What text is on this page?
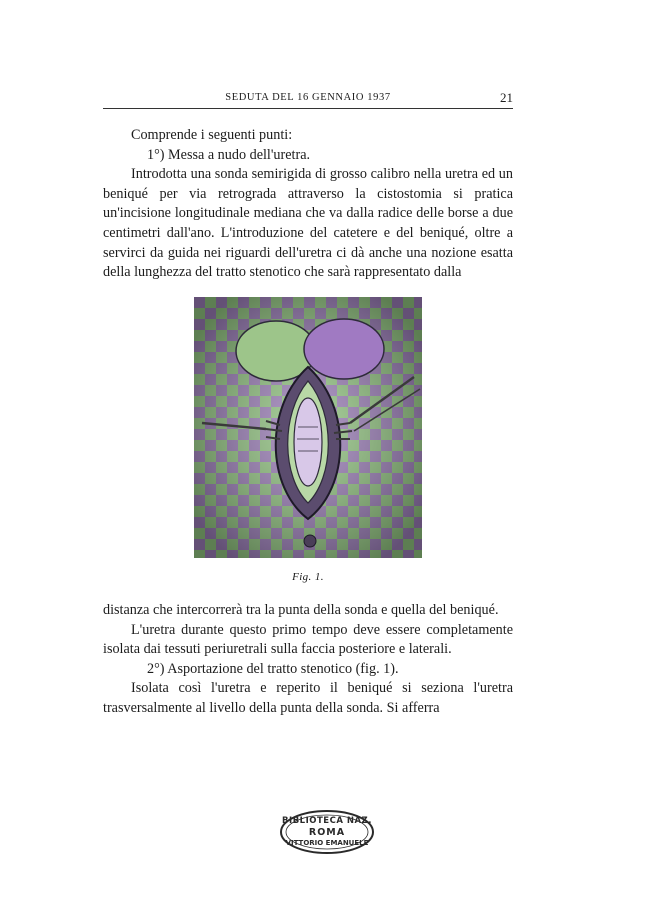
SEDUTA DEL 16 GENNAIO 1937	21

Comprende i seguenti punti:

1°) Messa a nudo dell'uretra.

Introdotta una sonda semirigida di grosso calibro nella uretra ed un beniqué per via retrograda attraverso la cistostomia si pratica un'incisione longitudinale mediana che va dalla radice delle borse a due centimetri dall'ano. L'introduzione del catetere e del beniqué, oltre a servirci da guida nei riguardi dell'uretra ci dà anche una nozione esatta della lunghezza del tratto stenotico che sarà rappresentato dalla

Fig. 1.

distanza che intercorrerà tra la punta della sonda e quella del beniqué.

L'uretra durante questo primo tempo deve essere completamente isolata dai tessuti periuretrali sulla faccia posteriore e laterali.

2°) Asportazione del tratto stenotico (fig. 1).

Isolata così l'uretra e reperito il beniqué si seziona l'uretra trasversalmente al livello della punta della sonda. Si afferra

BIBLIOTECA NAZ.
ROMA
VITTORIO EMANUELE
